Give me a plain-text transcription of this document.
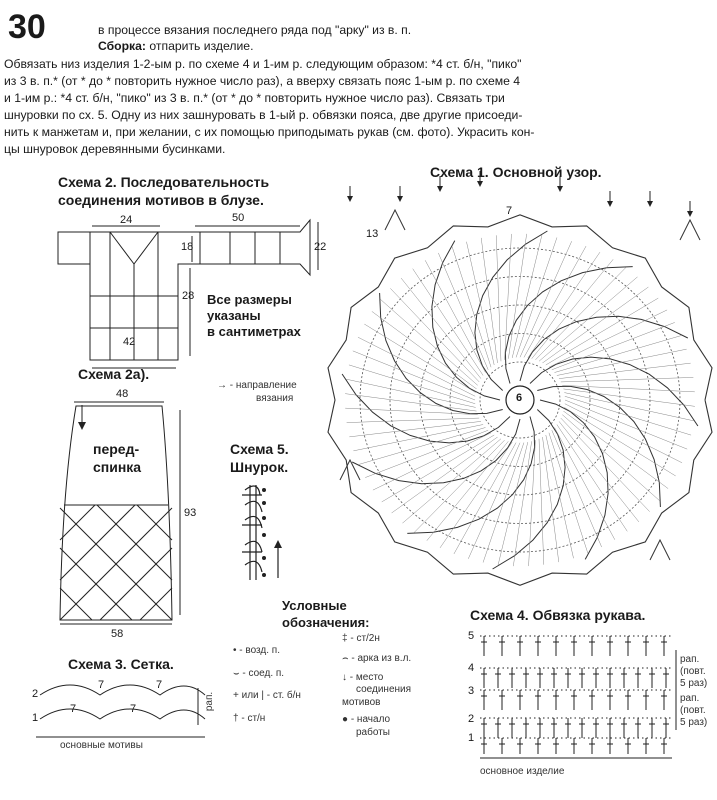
30	в процессе вязания последнего ряда под "арку" из в. п.
Сборка: отпарить изделие.
Обвязать низ изделия 1-2-ым р. по схеме 4 и 1-им р. следующим образом: *4 ст. б/н, "пико"
из 3 в. п.* (от * до * повторить нужное число раз), а вверху связать пояс 1-ым р. по схеме 4
и 1-им р.: *4 ст. б/н, "пико" из 3 в. п.* (от * до * повторить нужное число раз). Связать три
шнуровки по сх. 5. Одну из них зашнуровать в 1-ый р. обвязки пояса, две другие присоеди-
нить к манжетам и, при желании, с их помощью приподымать рукав (см. фото). Украсить кон-
цы шнуровок деревянными бусинками.
Схема 2. Последовательность
соединения мотивов в блузе.
24	50
18	22
28
42
Все размеры
указаны
в сантиметрах
Схема 2а).
→ - направление
вязания
48
перед-
спинка
93
58
Схема 5.
Шнурок.
Схема 1. Основной узор.
7
13
6
Условные
обозначения:
• - возд. п.
⌣ - соед. п.
+ или | - ст. б/н
† - ст/н
‡ - ст/2н
⌢ - арка из в.л.
↓ - место
соединения
мотивов
● - начало
работы
Схема 3. Сетка.
2
1
7	7
7	7	рап.
основные мотивы
Схема 4. Обвязка рукава.
5
4
3
2
1
рап.
(повт.
5 раз)
рап.
(повт.
5 раз)
основное изделие
